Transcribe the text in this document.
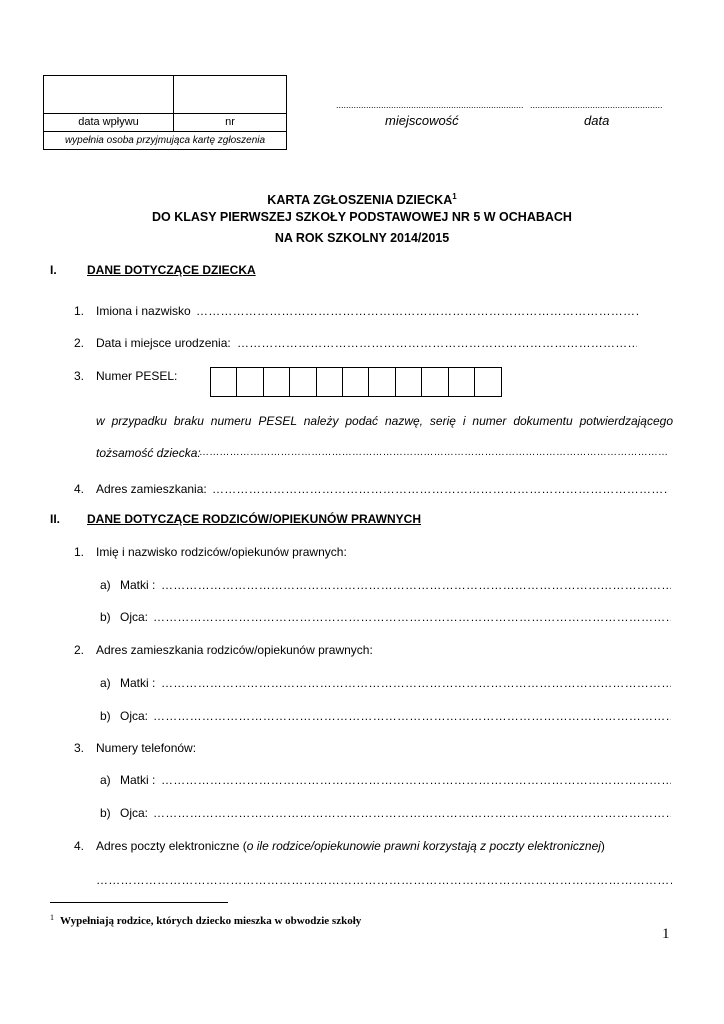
data wpływu	nr
wypełnia osoba przyjmująca kartę zgłoszenia
.....
.....
miejscowość	data
KARTA ZGŁOSZENIA DZIECKA$^1$
DO KLASY PIERWSZEJ SZKOŁY PODSTAWOWEJ NR 5 W OCHABACH
NA ROK SZKOLNY 2014/2015
I.	DANE DOTYCZĄCE DZIECKA
1. Imiona i nazwisko
…………………………………………………………………………………………………………………………………………………………………………………………………………………………………………………………
2. Data i miejsce urodzenia:
…………………………………………………………………………………………………………………………………………………………………………………………………………………………………………………………
3. Numer PESEL:
w przypadku braku numeru PESEL należy podać nazwę, serię i numer dokumentu potwierdzającego
tożsamość dziecka:
…………………………………………………………………………………………………………………………………………………………………………………………………………………………………………………………
4. Adres zamieszkania:
…………………………………………………………………………………………………………………………………………………………………………………………………………………………………………………………
II. DANE DOTYCZĄCE RODZICÓW/OPIEKUNÓW PRAWNYCH
1. Imię i nazwisko rodziców/opiekunów prawnych:
a) Matki :
…………………………………………………………………………………………………………………………………………………………………………………………………………………………………………………………
b) Ojca:
…………………………………………………………………………………………………………………………………………………………………………………………………………………………………………………………
2. Adres zamieszkania rodziców/opiekunów prawnych:
a) Matki :
…………………………………………………………………………………………………………………………………………………………………………………………………………………………………………………………
b) Ojca:
…………………………………………………………………………………………………………………………………………………………………………………………………………………………………………………………
3. Numery telefonów:
a) Matki :
…………………………………………………………………………………………………………………………………………………………………………………………………………………………………………………………
b) Ojca:
…………………………………………………………………………………………………………………………………………………………………………………………………………………………………………………………
4. Adres poczty elektroniczne (o ile rodzice/opiekunowie prawni korzystają z poczty elektronicznej)
…………………………………………………………………………………………………………………………………………………………………………………………………………………………………………………………
$^1$ Wypełniają rodzice, których dziecko mieszka w obwodzie szkoły
1
